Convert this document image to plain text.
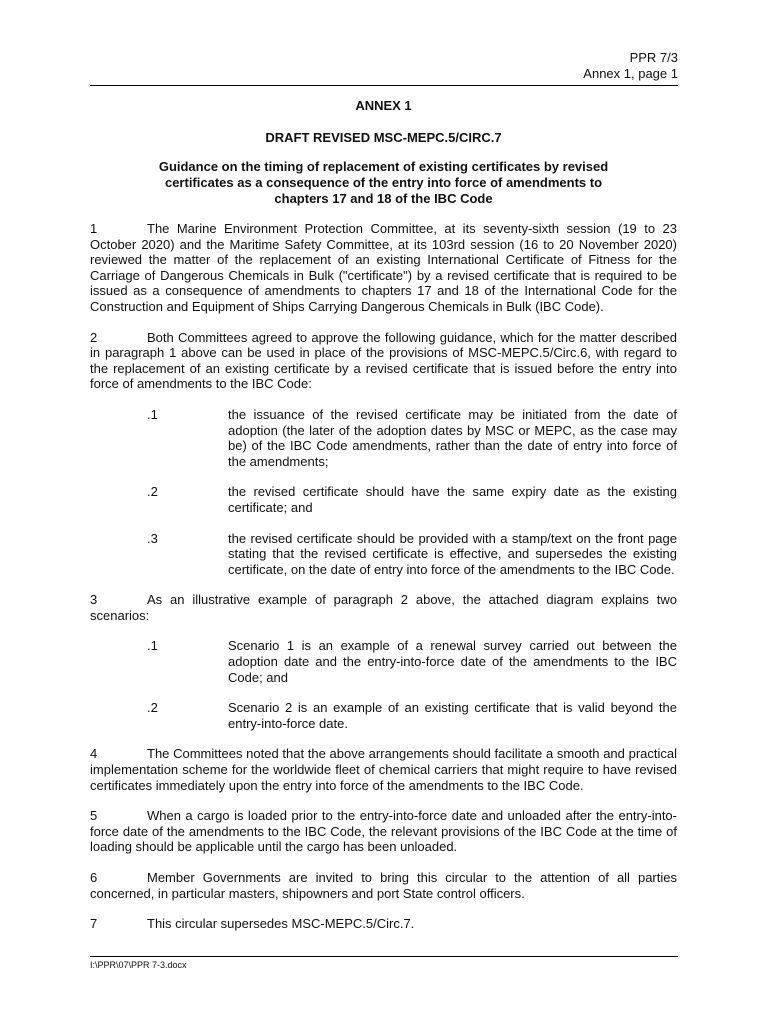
PPR 7/3
Annex 1, page 1
ANNEX 1
DRAFT REVISED MSC-MEPC.5/CIRC.7
Guidance on the timing of replacement of existing certificates by revised
certificates as a consequence of the entry into force of amendments to
chapters 17 and 18 of the IBC Code

1	The Marine Environment Protection Committee, at its seventy-sixth session (19 to 23 October 2020) and the Maritime Safety Committee, at its 103rd session (16 to 20 November 2020) reviewed the matter of the replacement of an existing International Certificate of Fitness for the Carriage of Dangerous Chemicals in Bulk ("certificate") by a revised certificate that is required to be issued as a consequence of amendments to chapters 17 and 18 of the International Code for the Construction and Equipment of Ships Carrying Dangerous Chemicals in Bulk (IBC Code).

2	Both Committees agreed to approve the following guidance, which for the matter described in paragraph 1 above can be used in place of the provisions of MSC-MEPC.5/Circ.6, with regard to the replacement of an existing certificate by a revised certificate that is issued before the entry into force of amendments to the IBC Code:

.1	the issuance of the revised certificate may be initiated from the date of adoption (the later of the adoption dates by MSC or MEPC, as the case may be) of the IBC Code amendments, rather than the date of entry into force of the amendments;
.2	the revised certificate should have the same expiry date as the existing certificate; and
.3	the revised certificate should be provided with a stamp/text on the front page stating that the revised certificate is effective, and supersedes the existing certificate, on the date of entry into force of the amendments to the IBC Code.

3	As an illustrative example of paragraph 2 above, the attached diagram explains two scenarios:

.1	Scenario 1 is an example of a renewal survey carried out between the adoption date and the entry-into-force date of the amendments to the IBC Code; and
.2	Scenario 2 is an example of an existing certificate that is valid beyond the entry-into-force date.

4	The Committees noted that the above arrangements should facilitate a smooth and practical implementation scheme for the worldwide fleet of chemical carriers that might require to have revised certificates immediately upon the entry into force of the amendments to the IBC Code.

5	When a cargo is loaded prior to the entry-into-force date and unloaded after the entry-into-force date of the amendments to the IBC Code, the relevant provisions of the IBC Code at the time of loading should be applicable until the cargo has been unloaded.

6	Member Governments are invited to bring this circular to the attention of all parties concerned, in particular masters, shipowners and port State control officers.

7	This circular supersedes MSC-MEPC.5/Circ.7.

I:\PPR\07\PPR 7-3.docx
